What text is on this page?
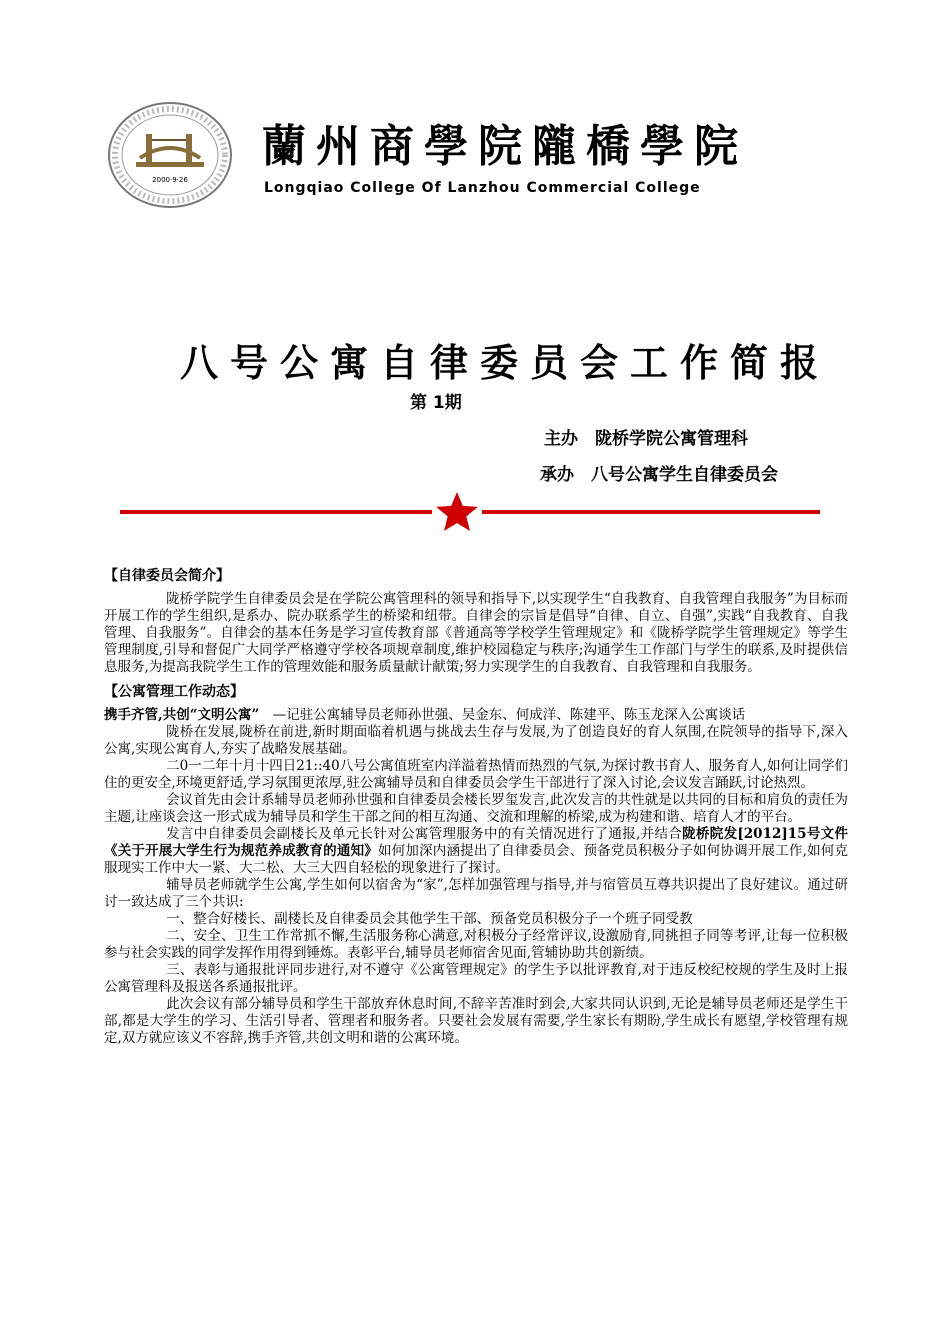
2000·9·26
蘭州商學院隴橋學院
Longqiao College Of Lanzhou Commercial College
八号公寓自律委员会工作简报
第 1期
主办　陇桥学院公寓管理科
承办　八号公寓学生自律委员会
【自律委员会简介】

陇桥学院学生自律委员会是在学院公寓管理科的领导和指导下,以实现学生“自我教育、自我管理自我服务”为目标而开展工作的学生组织,是系办、院办联系学生的桥梁和纽带。自律会的宗旨是倡导“自律、自立、自强”,实践“自我教育、自我管理、自我服务”。自律会的基本任务是学习宣传教育部《普通高等学校学生管理规定》和《陇桥学院学生管理规定》等学生管理制度,引导和督促广大同学严格遵守学校各项规章制度,维护校园稳定与秩序;沟通学生工作部门与学生的联系,及时提供信息服务,为提高我院学生工作的管理效能和服务质量献计献策;努力实现学生的自我教育、自我管理和自我服务。

【公寓管理工作动态】

携手齐管,共创“文明公寓”　—记驻公寓辅导员老师孙世强、吴金东、何成洋、陈建平、陈玉龙深入公寓谈话

陇桥在发展,陇桥在前进,新时期面临着机遇与挑战去生存与发展,为了创造良好的育人氛围,在院领导的指导下,深入公寓,实现公寓育人,夯实了战略发展基础。

二0一二年十月十四日21::40八号公寓值班室内洋溢着热情而热烈的气氛,为探讨教书育人、服务育人,如何让同学们住的更安全,环境更舒适,学习氛围更浓厚,驻公寓辅导员和自律委员会学生干部进行了深入讨论,会议发言踊跃,讨论热烈。

会议首先由会计系辅导员老师孙世强和自律委员会楼长罗玺发言,此次发言的共性就是以共同的目标和肩负的责任为主题,让座谈会这一形式成为辅导员和学生干部之间的相互沟通、交流和理解的桥梁,成为构建和谐、培育人才的平台。

发言中自律委员会副楼长及单元长针对公寓管理服务中的有关情况进行了通报,并结合陇桥院发[2012]15号文件《关于开展大学生行为规范养成教育的通知》如何加深内涵提出了自律委员会、预备党员积极分子如何协调开展工作,如何克服现实工作中大一紧、大二松、大三大四自轻松的现象进行了探讨。

辅导员老师就学生公寓,学生如何以宿舍为“家”,怎样加强管理与指导,并与宿管员互尊共识提出了良好建议。通过研讨一致达成了三个共识:

一、整合好楼长、副楼长及自律委员会其他学生干部、预备党员积极分子一个班子同受教

二、安全、卫生工作常抓不懈,生活服务称心满意,对积极分子经常评议,设激励育,同挑担子同等考评,让每一位积极参与社会实践的同学发挥作用得到锤炼。表彰平台,辅导员老师宿舍见面,管辅协助共创新绩。

三、表彰与通报批评同步进行,对不遵守《公寓管理规定》的学生予以批评教育,对于违反校纪校规的学生及时上报公寓管理科及报送各系通报批评。

此次会议有部分辅导员和学生干部放弃休息时间,不辞辛苦准时到会,大家共同认识到,无论是辅导员老师还是学生干部,都是大学生的学习、生活引导者、管理者和服务者。只要社会发展有需要,学生家长有期盼,学生成长有愿望,学校管理有规定,双方就应该义不容辞,携手齐管,共创文明和谐的公寓环境。
